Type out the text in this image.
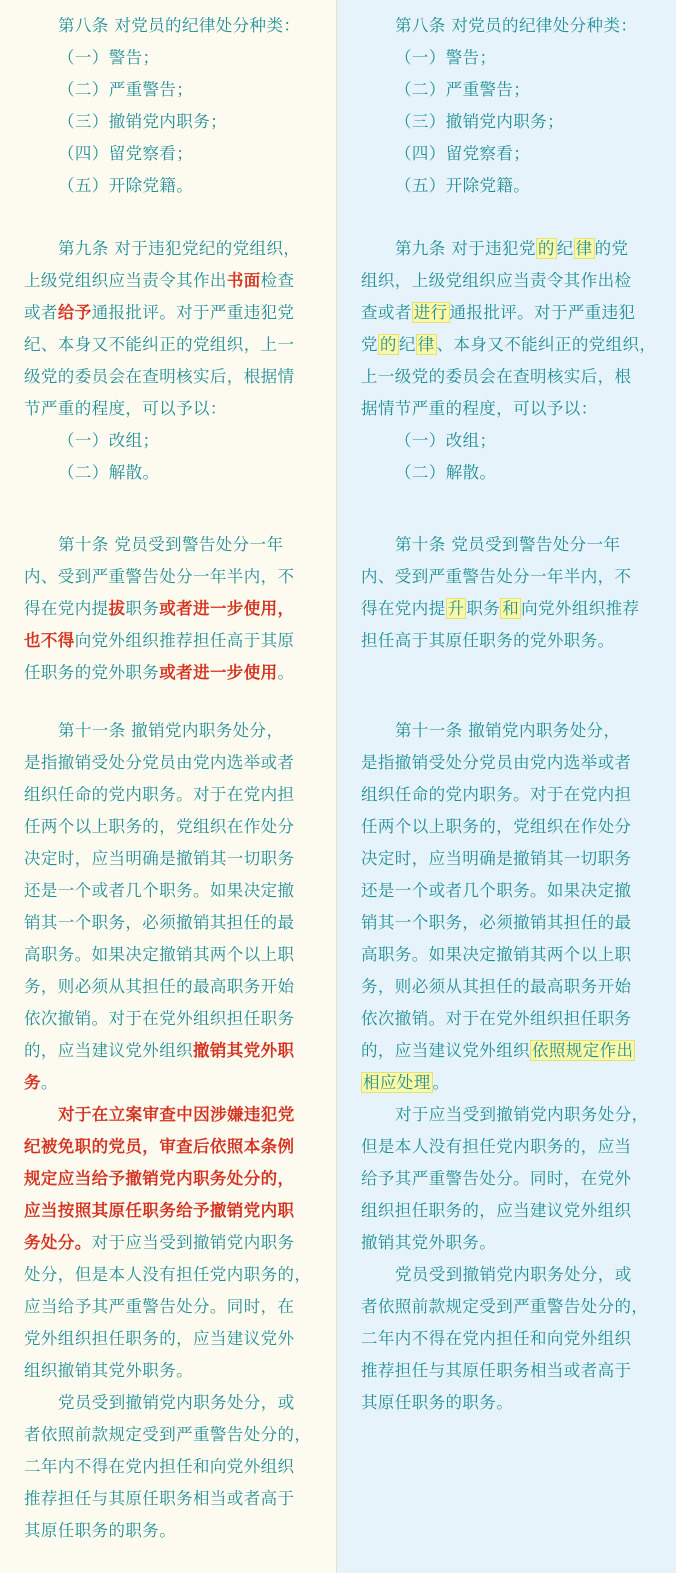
第八条 对党员的纪律处分种类：
（一）警告；
（二）严重警告；
（三）撤销党内职务；
（四）留党察看；
（五）开除党籍。
第九条 对于违犯党纪的党组织，
上级党组织应当责令其作出书面检查
或者给予通报批评。对于严重违犯党
纪、本身又不能纠正的党组织，上一
级党的委员会在查明核实后，根据情
节严重的程度，可以予以：
（一）改组；
（二）解散。
第十条 党员受到警告处分一年
内、受到严重警告处分一年半内，不
得在党内提拔职务或者进一步使用，
也不得向党外组织推荐担任高于其原
任职务的党外职务或者进一步使用。
第十一条 撤销党内职务处分，
是指撤销受处分党员由党内选举或者
组织任命的党内职务。对于在党内担
任两个以上职务的，党组织在作处分
决定时，应当明确是撤销其一切职务
还是一个或者几个职务。如果决定撤
销其一个职务，必须撤销其担任的最
高职务。如果决定撤销其两个以上职
务，则必须从其担任的最高职务开始
依次撤销。对于在党外组织担任职务
的，应当建议党外组织撤销其党外职
务。
对于在立案审查中因涉嫌违犯党
纪被免职的党员，审查后依照本条例
规定应当给予撤销党内职务处分的，
应当按照其原任职务给予撤销党内职
务处分。对于应当受到撤销党内职务
处分，但是本人没有担任党内职务的，
应当给予其严重警告处分。同时，在
党外组织担任职务的，应当建议党外
组织撤销其党外职务。
党员受到撤销党内职务处分，或
者依照前款规定受到严重警告处分的，
二年内不得在党内担任和向党外组织
推荐担任与其原任职务相当或者高于
其原任职务的职务。
第八条 对党员的纪律处分种类：
（一）警告；
（二）严重警告；
（三）撤销党内职务；
（四）留党察看；
（五）开除党籍。
第九条 对于违犯党 的 纪 律 的党
组织，上级党组织应当责令其作出检
查或者 进行 通报批评。对于严重违犯
党 的 纪 律 、本身又不能纠正的党组织，
上一级党的委员会在查明核实后，根
据情节严重的程度，可以予以：
（一）改组；
（二）解散。
第十条 党员受到警告处分一年
内、受到严重警告处分一年半内，不
得在党内提 升 职务 和 向党外组织推荐
担任高于其原任职务的党外职务。
第十一条 撤销党内职务处分，
是指撤销受处分党员由党内选举或者
组织任命的党内职务。对于在党内担
任两个以上职务的，党组织在作处分
决定时，应当明确是撤销其一切职务
还是一个或者几个职务。如果决定撤
销其一个职务，必须撤销其担任的最
高职务。如果决定撤销其两个以上职
务，则必须从其担任的最高职务开始
依次撤销。对于在党外组织担任职务
的，应当建议党外组织 依照规定作出
相应处理 。
对于应当受到撤销党内职务处分，
但是本人没有担任党内职务的，应当
给予其严重警告处分。同时，在党外
组织担任职务的，应当建议党外组织
撤销其党外职务。
党员受到撤销党内职务处分，或
者依照前款规定受到严重警告处分的，
二年内不得在党内担任和向党外组织
推荐担任与其原任职务相当或者高于
其原任职务的职务。
